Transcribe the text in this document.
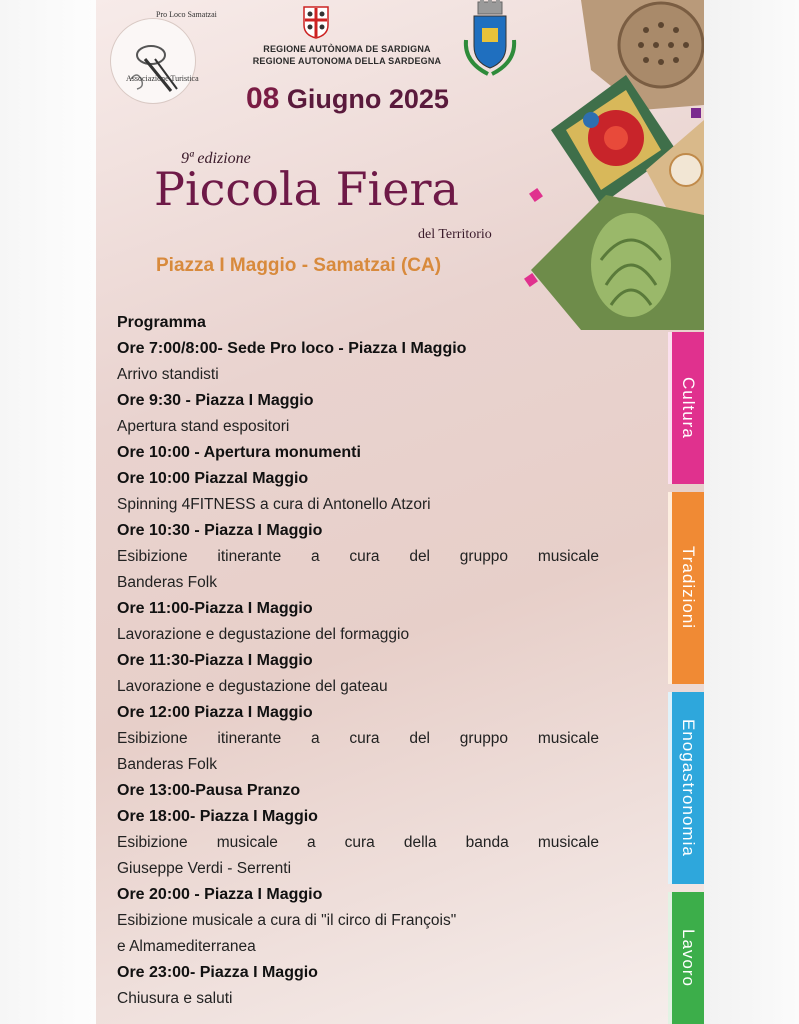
Pro Loco Samatzai
Associazione Turistica
REGIONE AUTÒNOMA DE SARDIGNA
REGIONE AUTONOMA DELLA SARDEGNA
08 Giugno 2025
9ª edizione
Piccola Fiera
del Territorio
Piazza I Maggio - Samatzai (CA)
Programma
Ore 7:00/8:00- Sede Pro loco - Piazza I Maggio
Arrivo standisti
Ore 9:30 - Piazza I Maggio
Apertura stand espositori
Ore 10:00 - Apertura monumenti
Ore 10:00 PiazzaI Maggio
Spinning 4FITNESS a cura di Antonello Atzori
Ore 10:30 - Piazza I Maggio
Esibizione itinerante a cura del gruppo musicale
Banderas Folk
Ore 11:00-Piazza I Maggio
Lavorazione e degustazione del formaggio
Ore 11:30-Piazza I Maggio
Lavorazione e degustazione del gateau
Ore 12:00 Piazza I Maggio
Esibizione itinerante a cura del gruppo musicale
Banderas Folk
Ore 13:00-Pausa Pranzo
Ore 18:00- Piazza I Maggio
Esibizione musicale a cura della banda musicale
Giuseppe Verdi - Serrenti
Ore 20:00 - Piazza I Maggio
Esibizione musicale a cura di "il circo di François"
e Almamediterranea
Ore 23:00- Piazza I Maggio
Chiusura e saluti
Cultura
Tradizioni
Enogastronomia
Lavoro
